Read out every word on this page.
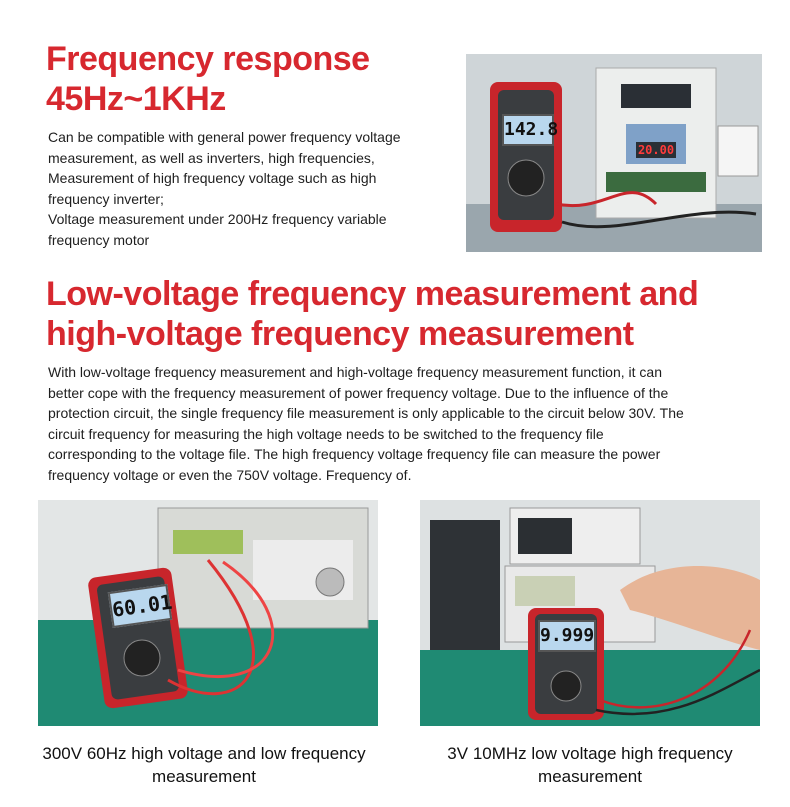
Frequency response
45Hz~1KHz
Can be compatible with general power frequency voltage
measurement, as well as inverters, high frequencies,
Measurement of high frequency voltage such as high
frequency inverter;
Voltage measurement under 200Hz frequency variable
frequency motor
20.00
142.8
Low-voltage frequency measurement and
high-voltage frequency measurement
With low-voltage frequency measurement and high-voltage frequency measurement function, it can
better cope with the frequency measurement of power frequency voltage. Due to the influence of the
protection circuit, the single frequency file measurement is only applicable to the circuit below 30V. The
circuit frequency for measuring the high voltage needs to be switched to the frequency file
corresponding to the voltage file. The high frequency voltage frequency file can measure the power
frequency voltage or even the 750V voltage. Frequency of.
60.01
9.999
300V 60Hz high voltage and low frequency
measurement
3V 10MHz low voltage high frequency
measurement
